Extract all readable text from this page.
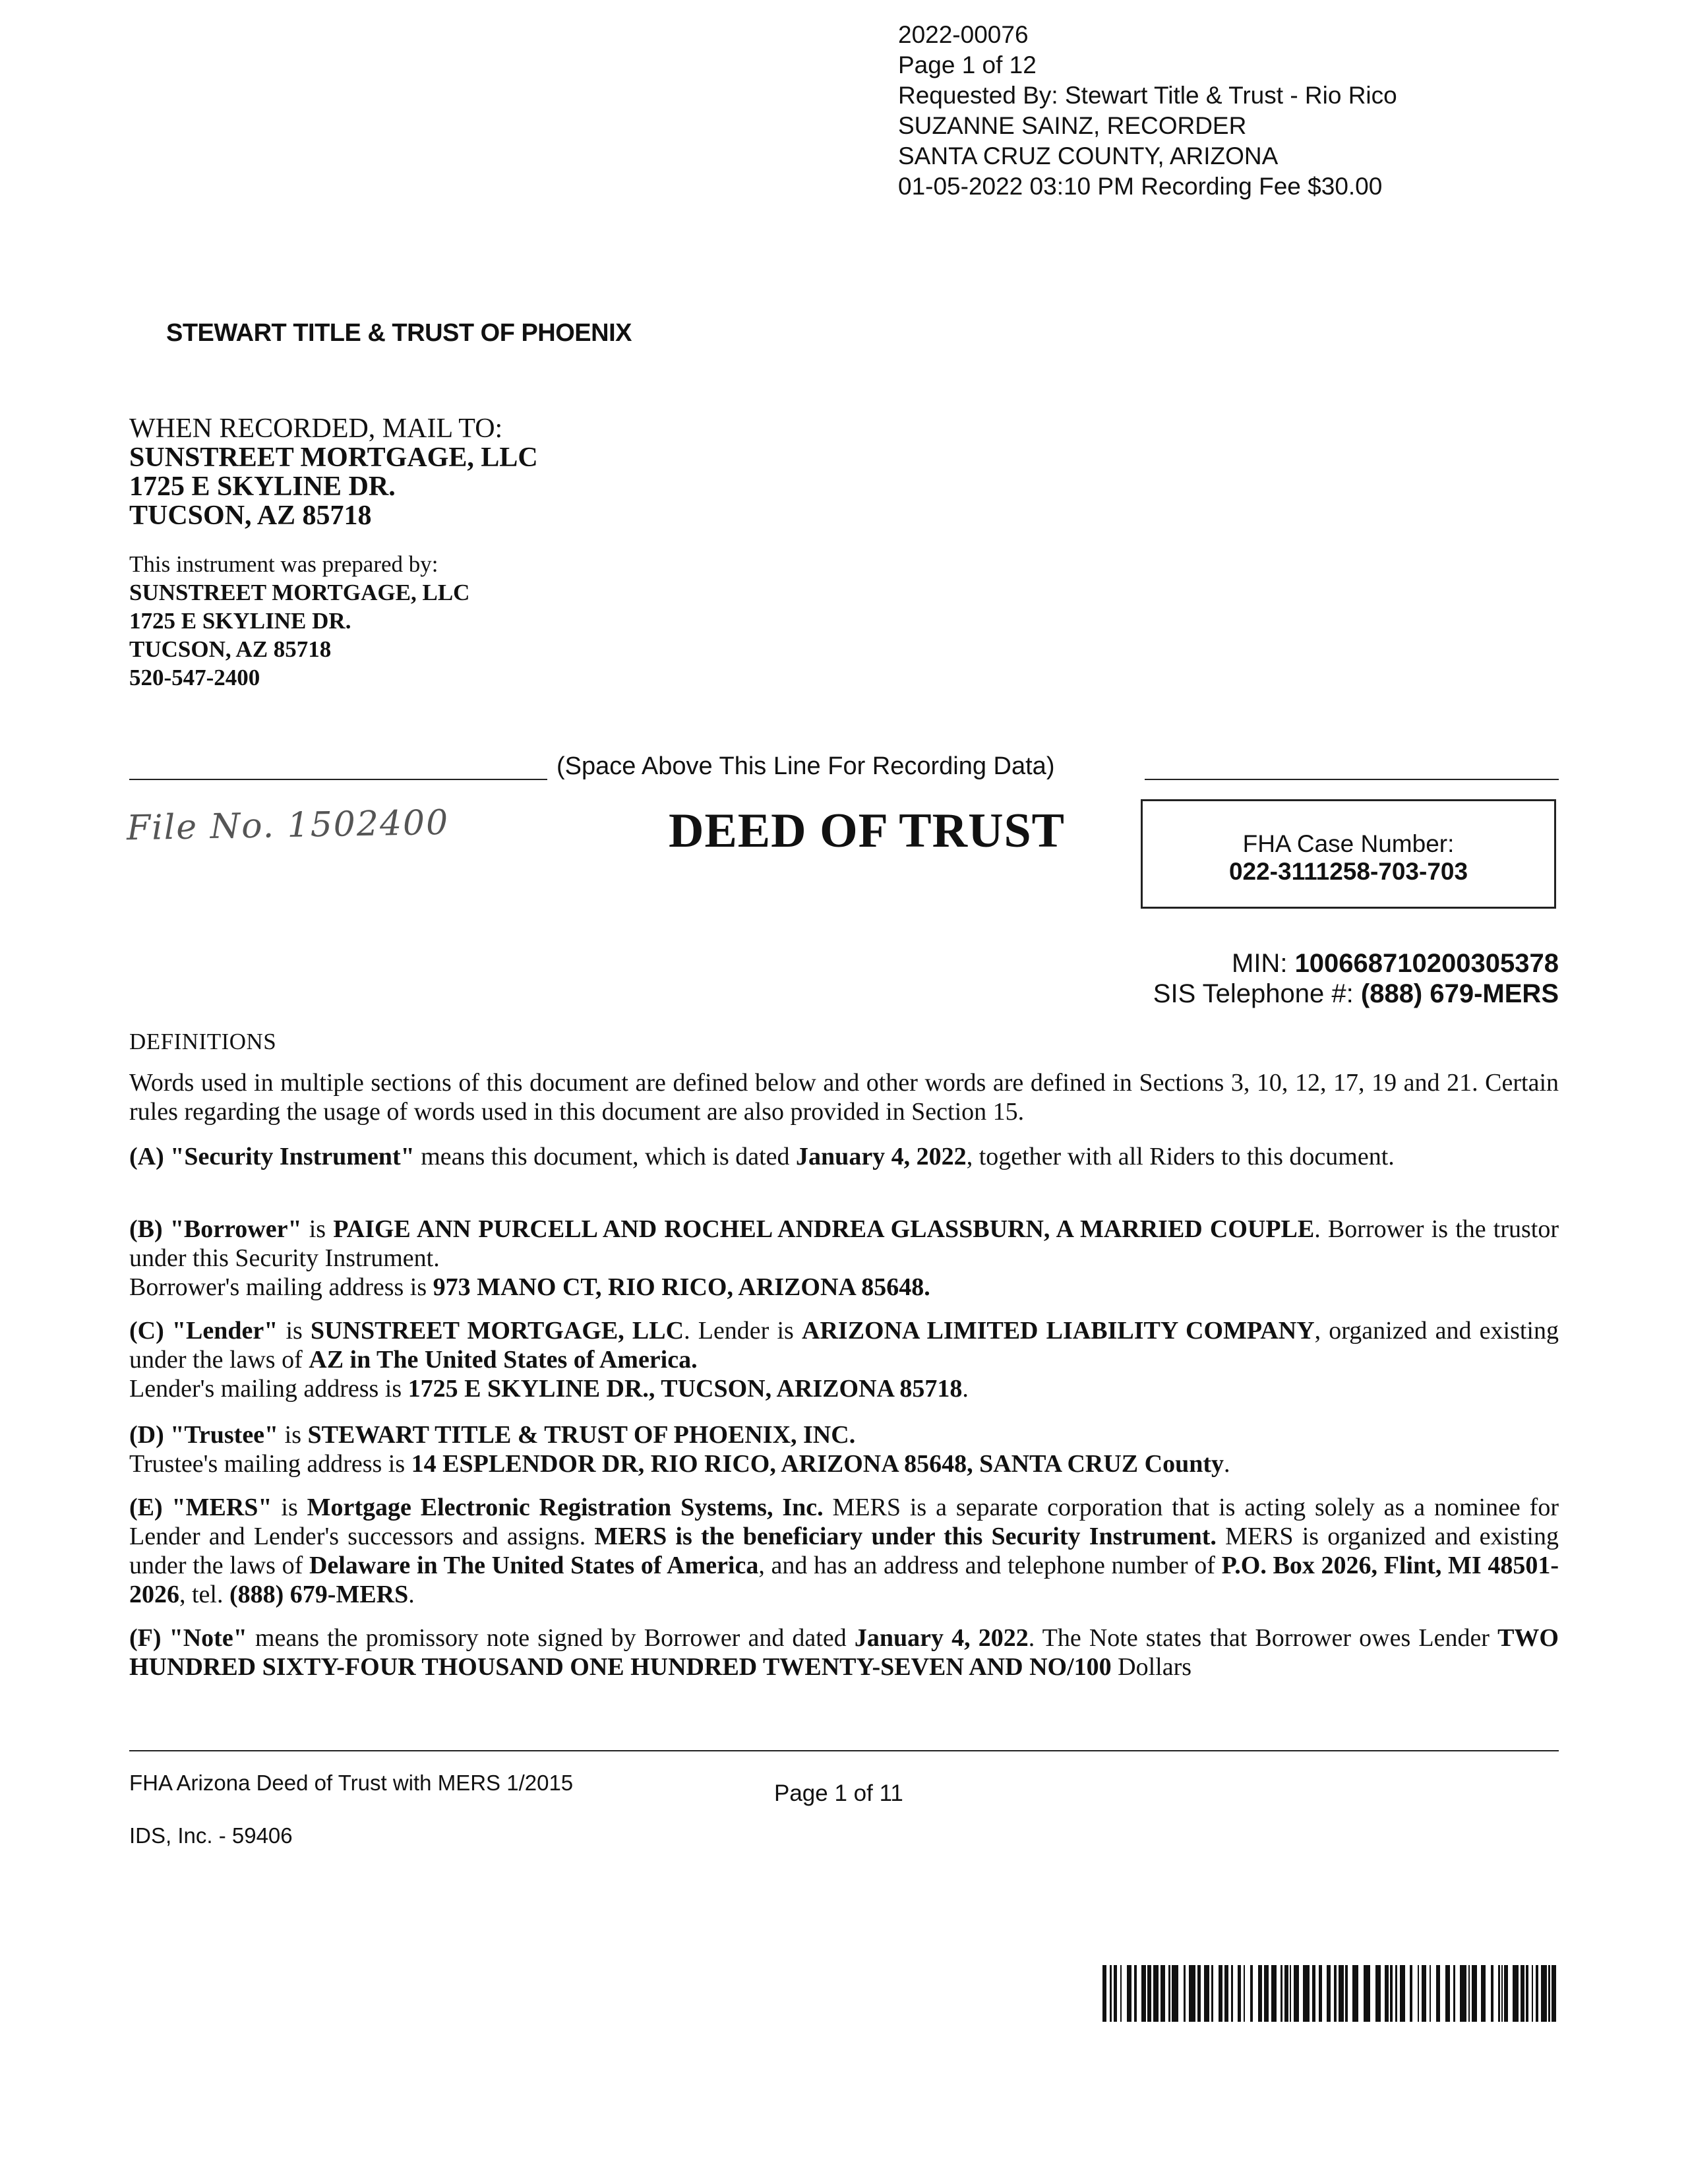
2022-00076
Page 1 of 12
Requested By: Stewart Title & Trust - Rio Rico
SUZANNE SAINZ, RECORDER
SANTA CRUZ COUNTY, ARIZONA
01-05-2022 03:10 PM Recording Fee $30.00
STEWART TITLE & TRUST OF PHOENIX
WHEN RECORDED, MAIL TO:
SUNSTREET MORTGAGE, LLC
1725 E SKYLINE DR.
TUCSON, AZ 85718
This instrument was prepared by:
SUNSTREET MORTGAGE, LLC
1725 E SKYLINE DR.
TUCSON, AZ 85718
520-547-2400
(Space Above This Line For Recording Data)
File No. 1502400	DEED OF TRUST	FHA Case Number:
022-3111258-703-703
MIN: 100668710200305378
SIS Telephone #: (888) 679-MERS
DEFINITIONS
Words used in multiple sections of this document are defined below and other words are defined in Sections 3, 10, 12, 17, 19 and 21. Certain rules regarding the usage of words used in this document are also provided in Section 15.
(A) "Security Instrument" means this document, which is dated January 4, 2022, together with all Riders to this document.
(B) "Borrower" is PAIGE ANN PURCELL AND ROCHEL ANDREA GLASSBURN, A MARRIED COUPLE. Borrower is the trustor under this Security Instrument.
Borrower's mailing address is 973 MANO CT, RIO RICO, ARIZONA 85648.
(C) "Lender" is SUNSTREET MORTGAGE, LLC. Lender is ARIZONA LIMITED LIABILITY COMPANY, organized and existing under the laws of AZ in The United States of America.
Lender's mailing address is 1725 E SKYLINE DR., TUCSON, ARIZONA 85718.
(D) "Trustee" is STEWART TITLE & TRUST OF PHOENIX, INC.
Trustee's mailing address is 14 ESPLENDOR DR, RIO RICO, ARIZONA 85648, SANTA CRUZ County.
(E) "MERS" is Mortgage Electronic Registration Systems, Inc. MERS is a separate corporation that is acting solely as a nominee for Lender and Lender's successors and assigns. MERS is the beneficiary under this Security Instrument. MERS is organized and existing under the laws of Delaware in The United States of America, and has an address and telephone number of P.O. Box 2026, Flint, MI 48501-2026, tel. (888) 679-MERS.
(F) "Note" means the promissory note signed by Borrower and dated January 4, 2022. The Note states that Borrower owes Lender TWO HUNDRED SIXTY-FOUR THOUSAND ONE HUNDRED TWENTY-SEVEN AND NO/100 Dollars
FHA Arizona Deed of Trust with MERS 1/2015
IDS, Inc. - 59406
Page 1 of 11
